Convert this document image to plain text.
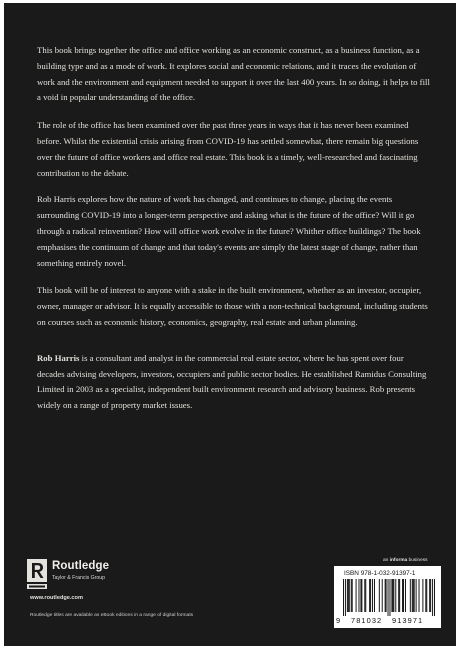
This book brings together the office and office working as an economic construct, as a business function, as a building type and as a mode of work. It explores social and economic relations, and it traces the evolution of work and the environment and equipment needed to support it over the last 400 years. In so doing, it helps to fill a void in popular understanding of the office.

The role of the office has been examined over the past three years in ways that it has never been examined before. Whilst the existential crisis arising from COVID-19 has settled somewhat, there remain big questions over the future of office workers and office real estate. This book is a timely, well-researched and fascinating contribution to the debate.

Rob Harris explores how the nature of work has changed, and continues to change, placing the events surrounding COVID-19 into a longer-term perspective and asking what is the future of the office? Will it go through a radical reinvention? How will office work evolve in the future? Whither office buildings? The book emphasises the continuum of change and that today's events are simply the latest stage of change, rather than something entirely novel.

This book will be of interest to anyone with a stake in the built environment, whether as an investor, occupier, owner, manager or advisor. It is equally accessible to those with a non-technical background, including students on courses such as economic history, economics, geography, real estate and urban planning.

Rob Harris is a consultant and analyst in the commercial real estate sector, where he has spent over four decades advising developers, investors, occupiers and public sector bodies. He established Ramidus Consulting Limited in 2003 as a specialist, independent built environment research and advisory business. Rob presents widely on a range of property market issues.

Routledge
Taylor & Francis Group
www.routledge.com
Routledge titles are available as eBook editions in a range of digital formats
an informa business
ISBN 978-1-032-91397-1
9 781032 913971
